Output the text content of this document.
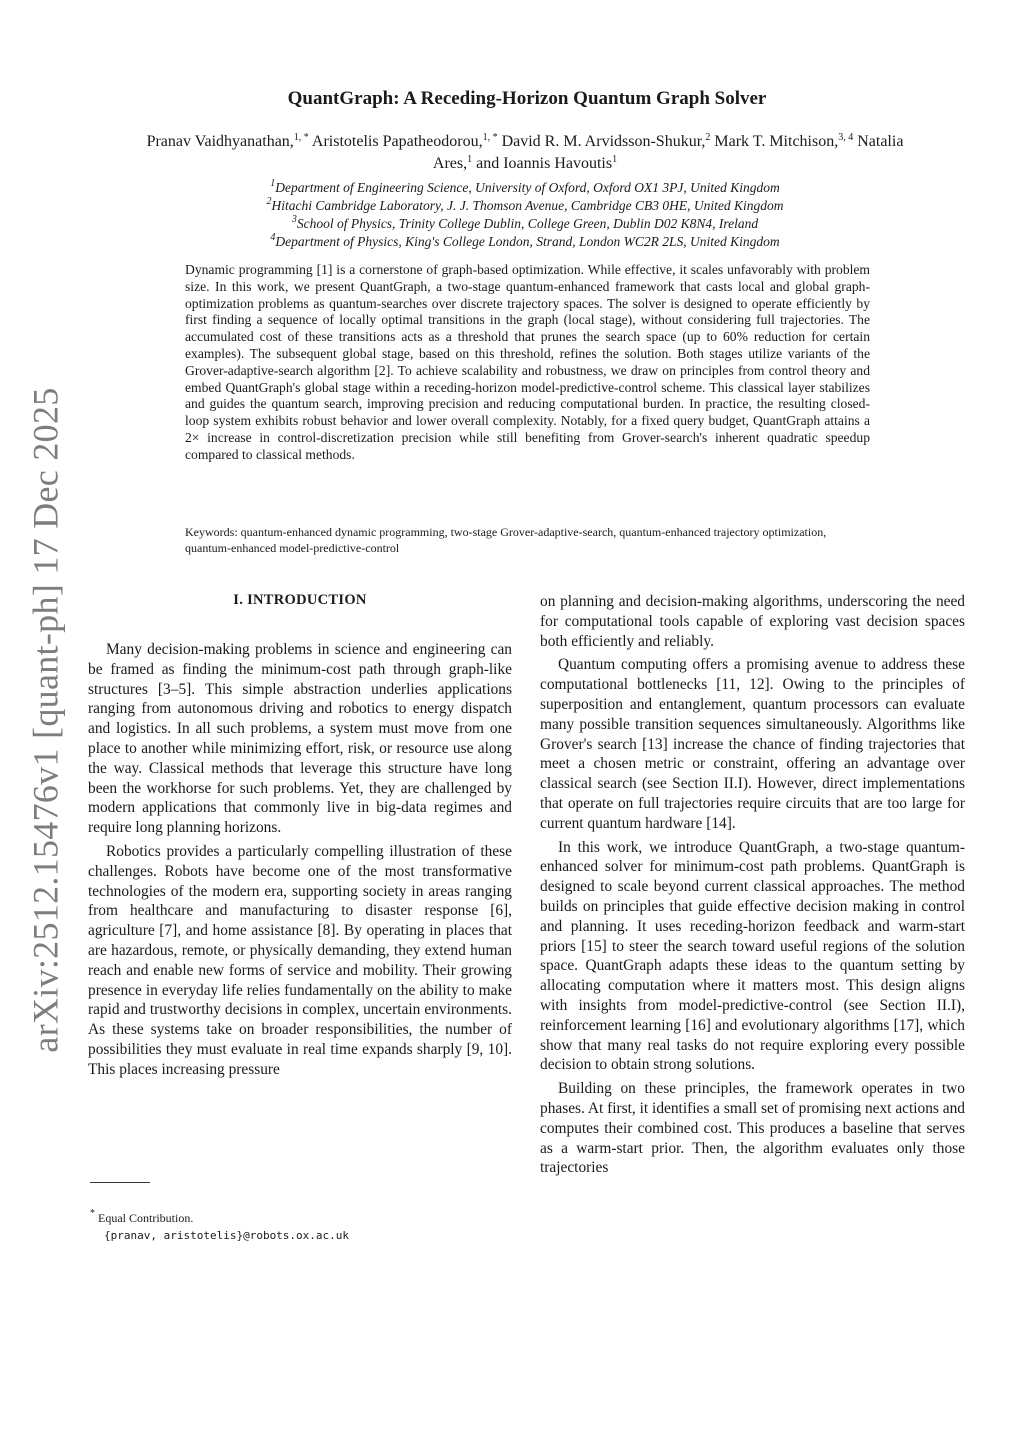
arXiv:2512.15476v1 [quant-ph] 17 Dec 2025
QuantGraph: A Receding-Horizon Quantum Graph Solver
Pranav Vaidhyanathan,$^{1, *}$ Aristotelis Papatheodorou,$^{1, *}$ David R. M. Arvidsson-Shukur,$^2$ Mark T. Mitchison,$^{3, 4}$ Natalia Ares,$^1$ and Ioannis Havoutis$^1$
$^1$Department of Engineering Science, University of Oxford, Oxford OX1 3PJ, United Kingdom
$^2$Hitachi Cambridge Laboratory, J. J. Thomson Avenue, Cambridge CB3 0HE, United Kingdom
$^3$School of Physics, Trinity College Dublin, College Green, Dublin D02 K8N4, Ireland
$^4$Department of Physics, King's College London, Strand, London WC2R 2LS, United Kingdom
Dynamic programming [1] is a cornerstone of graph-based optimization. While effective, it scales unfavorably with problem size. In this work, we present QuantGraph, a two-stage quantum-enhanced framework that casts local and global graph-optimization problems as quantum-searches over discrete trajectory spaces. The solver is designed to operate efficiently by first finding a sequence of locally optimal transitions in the graph (local stage), without considering full trajectories. The accumulated cost of these transitions acts as a threshold that prunes the search space (up to 60% reduction for certain examples). The subsequent global stage, based on this threshold, refines the solution. Both stages utilize variants of the Grover-adaptive-search algorithm [2]. To achieve scalability and robustness, we draw on principles from control theory and embed QuantGraph's global stage within a receding-horizon model-predictive-control scheme. This classical layer stabilizes and guides the quantum search, improving precision and reducing computational burden. In practice, the resulting closed-loop system exhibits robust behavior and lower overall complexity. Notably, for a fixed query budget, QuantGraph attains a 2× increase in control-discretization precision while still benefiting from Grover-search's inherent quadratic speedup compared to classical methods.
Keywords: quantum-enhanced dynamic programming, two-stage Grover-adaptive-search, quantum-enhanced trajectory optimization, quantum-enhanced model-predictive-control
I. INTRODUCTION

Many decision-making problems in science and engineering can be framed as finding the minimum-cost path through graph-like structures [3–5]. This simple abstraction underlies applications ranging from autonomous driving and robotics to energy dispatch and logistics. In all such problems, a system must move from one place to another while minimizing effort, risk, or resource use along the way. Classical methods that leverage this structure have long been the workhorse for such problems. Yet, they are challenged by modern applications that commonly live in big-data regimes and require long planning horizons.

Robotics provides a particularly compelling illustration of these challenges. Robots have become one of the most transformative technologies of the modern era, supporting society in areas ranging from healthcare and manufacturing to disaster response [6], agriculture [7], and home assistance [8]. By operating in places that are hazardous, remote, or physically demanding, they extend human reach and enable new forms of service and mobility. Their growing presence in everyday life relies fundamentally on the ability to make rapid and trustworthy decisions in complex, uncertain environments. As these systems take on broader responsibilities, the number of possibilities they must evaluate in real time expands sharply [9, 10]. This places increasing pressure

on planning and decision-making algorithms, underscoring the need for computational tools capable of exploring vast decision spaces both efficiently and reliably.

Quantum computing offers a promising avenue to address these computational bottlenecks [11, 12]. Owing to the principles of superposition and entanglement, quantum processors can evaluate many possible transition sequences simultaneously. Algorithms like Grover's search [13] increase the chance of finding trajectories that meet a chosen metric or constraint, offering an advantage over classical search (see Section II.I). However, direct implementations that operate on full trajectories require circuits that are too large for current quantum hardware [14].

In this work, we introduce QuantGraph, a two-stage quantum-enhanced solver for minimum-cost path problems. QuantGraph is designed to scale beyond current classical approaches. The method builds on principles that guide effective decision making in control and planning. It uses receding-horizon feedback and warm-start priors [15] to steer the search toward useful regions of the solution space. QuantGraph adapts these ideas to the quantum setting by allocating computation where it matters most. This design aligns with insights from model-predictive-control (see Section II.I), reinforcement learning [16] and evolutionary algorithms [17], which show that many real tasks do not require exploring every possible decision to obtain strong solutions.

Building on these principles, the framework operates in two phases. At first, it identifies a small set of promising next actions and computes their combined cost. This produces a baseline that serves as a warm-start prior. Then, the algorithm evaluates only those trajectories

* Equal Contribution.
{pranav, aristotelis}@robots.ox.ac.uk
